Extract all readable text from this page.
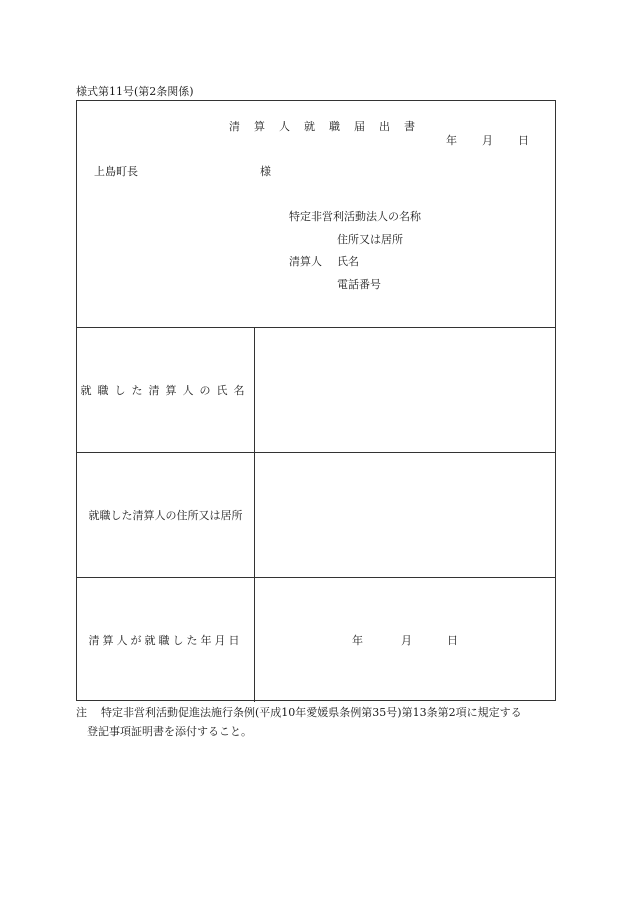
様式第11号(第2条関係)
清算人就職届出書
年 月 日
上島町長	様
特定非営利活動法人の名称
住所又は居所
清算人 氏名
電話番号
就職した清算人の氏名
就職した清算人の住所又は居所
清算人が就職した年月日	年	月	日
注 特定非営利活動促進法施行条例(平成10年愛媛県条例第35号)第13条第2項に規定する
登記事項証明書を添付すること。
